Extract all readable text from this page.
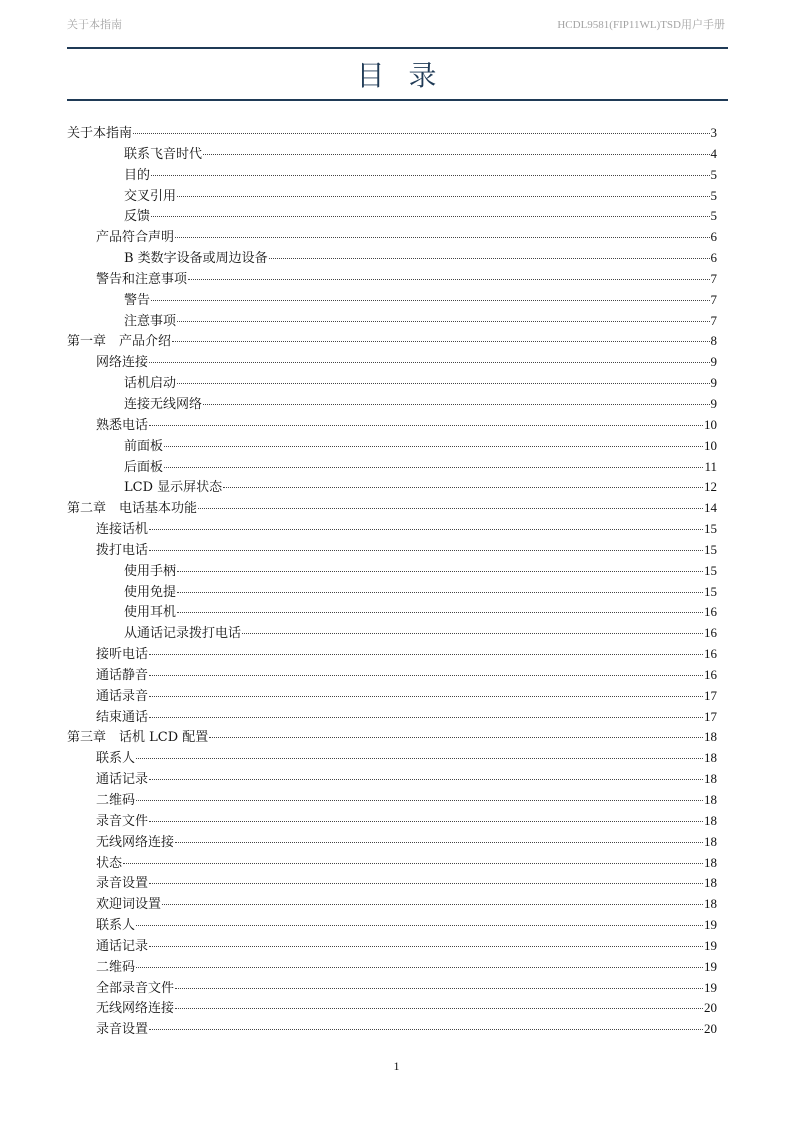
关于本指南	HCDL9581(FIP11WL)TSD用户手册
目录
关于本指南	3
联系飞音时代	4
目的	5
交叉引用	5
反馈	5
产品符合声明	6
B 类数字设备或周边设备	6
警告和注意事项	7
警告	7
注意事项	7
第一章　产品介绍	8
网络连接	9
话机启动	9
连接无线网络	9
熟悉电话	10
前面板	10
后面板	11
LCD 显示屏状态	12
第二章　电话基本功能	14
连接话机	15
拨打电话	15
使用手柄	15
使用免提	15
使用耳机	16
从通话记录拨打电话	16
接听电话	16
通话静音	16
通话录音	17
结束通话	17
第三章　话机 LCD 配置	18
联系人	18
通话记录	18
二维码	18
录音文件	18
无线网络连接	18
状态	18
录音设置	18
欢迎词设置	18
联系人	19
通话记录	19
二维码	19
全部录音文件	19
无线网络连接	20
录音设置	20
1
